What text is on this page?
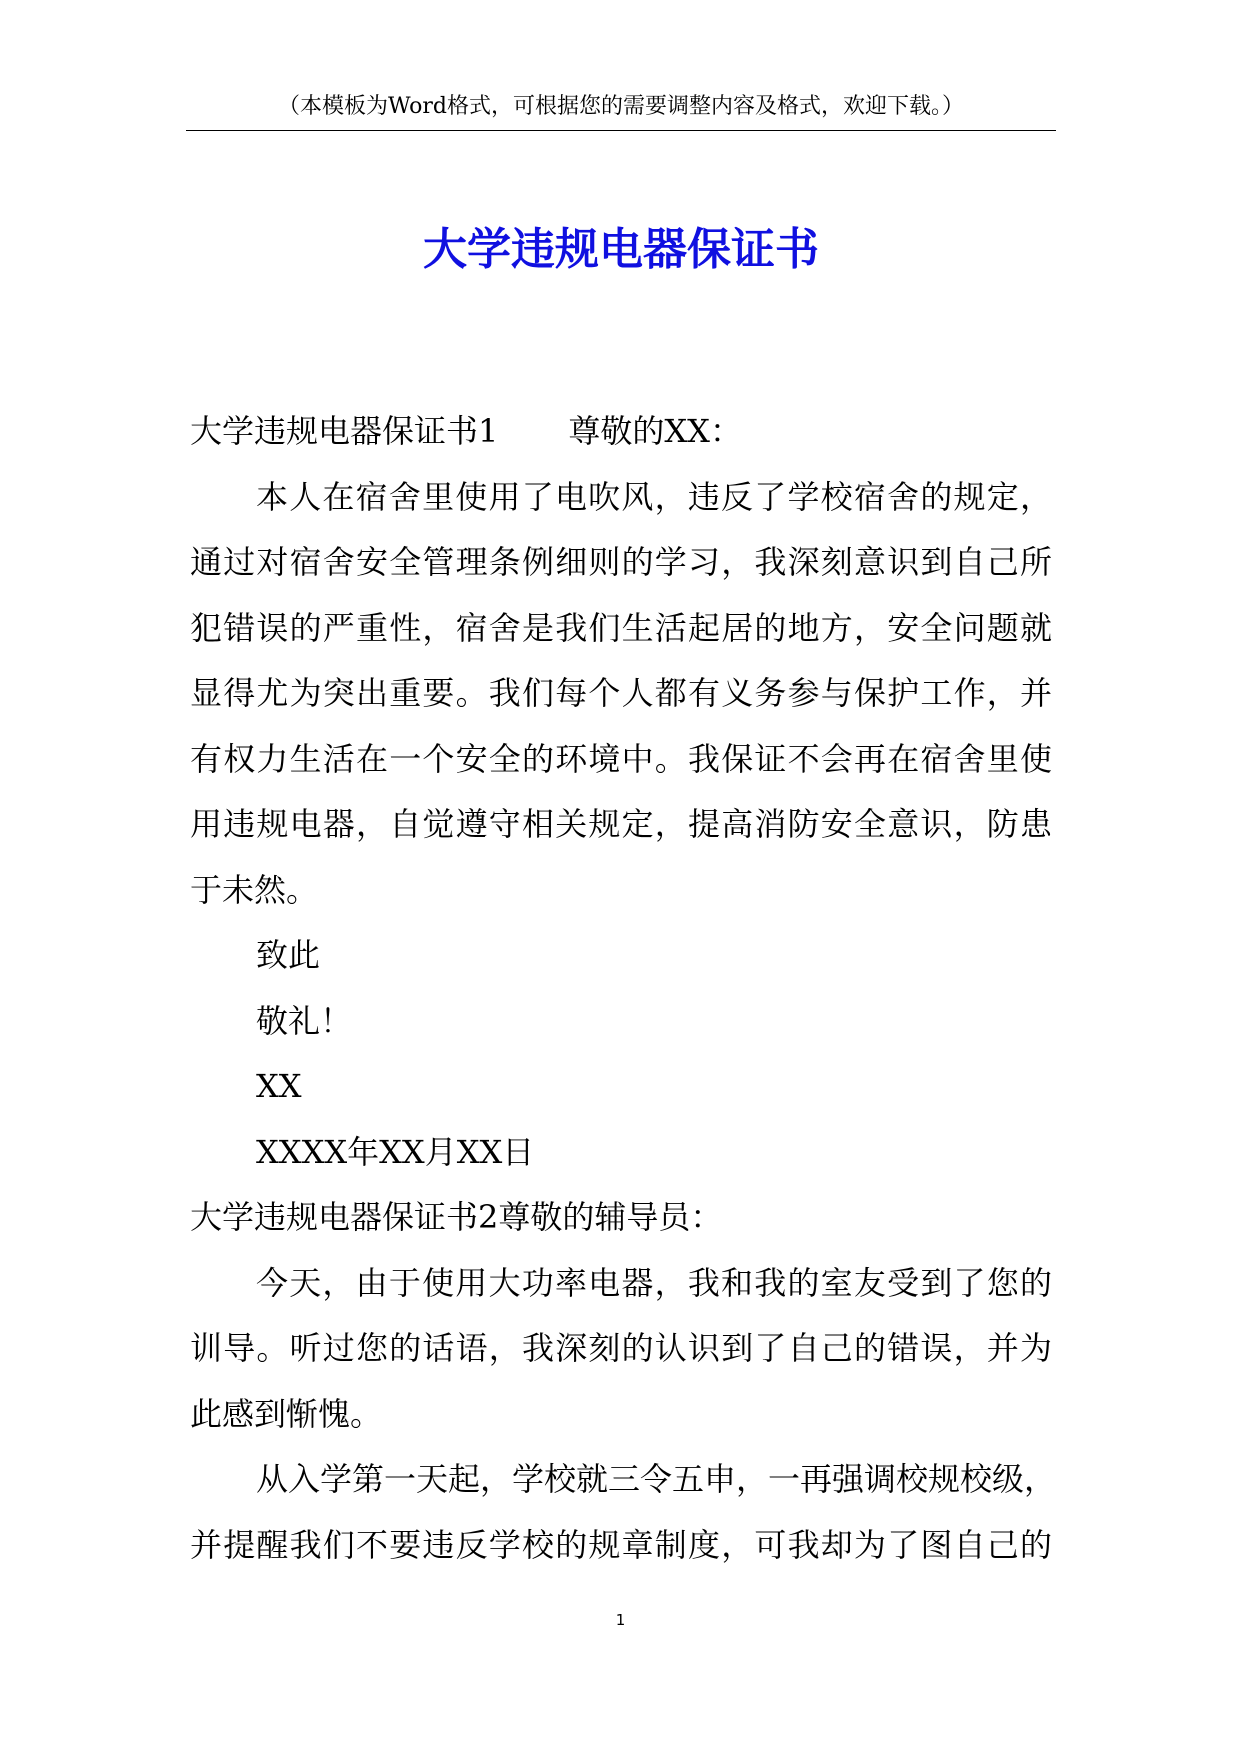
（本模板为Word格式，可根据您的需要调整内容及格式，欢迎下载。）
大学违规电器保证书
大学违规电器保证书1 尊敬的XX：
本人在宿舍里使用了电吹风，违反了学校宿舍的规定，
通过对宿舍安全管理条例细则的学习，我深刻意识到自己所
犯错误的严重性，宿舍是我们生活起居的地方，安全问题就
显得尤为突出重要。我们每个人都有义务参与保护工作，并
有权力生活在一个安全的环境中。我保证不会再在宿舍里使
用违规电器，自觉遵守相关规定，提高消防安全意识，防患
于未然。
致此
敬礼！
XX
XXXX年XX月XX日
大学违规电器保证书2尊敬的辅导员：
今天，由于使用大功率电器，我和我的室友受到了您的
训导。听过您的话语，我深刻的认识到了自己的错误，并为
此感到惭愧。
从入学第一天起，学校就三令五申，一再强调校规校级，
并提醒我们不要违反学校的规章制度，可我却为了图自己的
1
